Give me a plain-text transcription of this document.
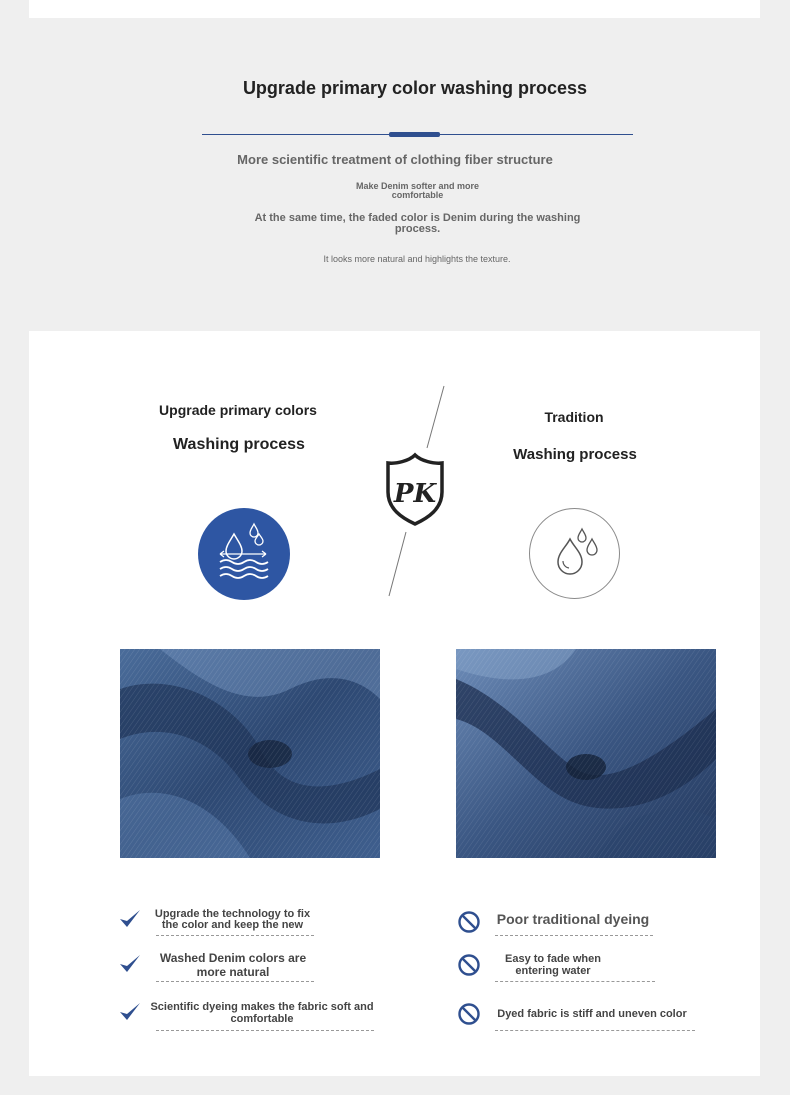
Upgrade primary color washing process
More scientific treatment of clothing fiber structure
Make Denim softer and more comfortable
At the same time, the faded color is Denim during the washing process.
It looks more natural and highlights the texture.
Upgrade primary colors
Washing process
Tradition
Washing process
PK
Upgrade the technology to fix the color and keep the new
Washed Denim colors are more natural
Scientific dyeing makes the fabric soft and comfortable
Poor traditional dyeing
Easy to fade when entering water
Dyed fabric is stiff and uneven color
